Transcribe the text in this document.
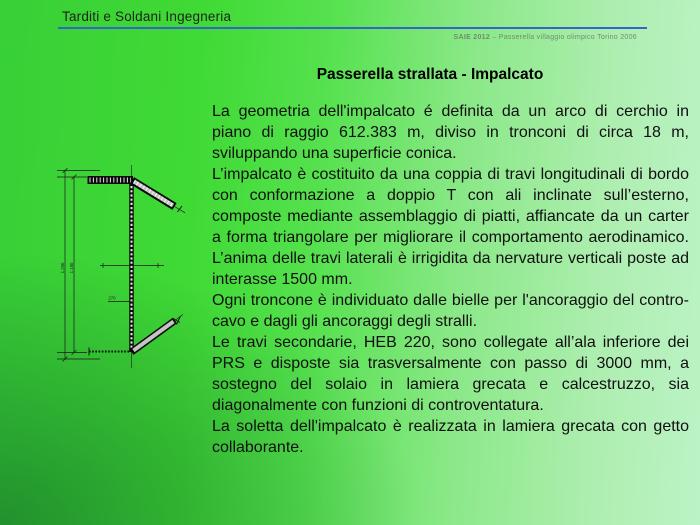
Tarditi e Soldani Ingegneria
SAIE 2012 – Passerella villaggio olimpico Torino 2006
Passerella strallata - Impalcato
1.250 1.180
270

La geometria dell'impalcato é definita da un arco di cerchio in piano di raggio 612.383 m, diviso in tronconi di circa 18 m, sviluppando una superficie conica.

L’impalcato è costituito da una coppia di travi longitudinali di bordo con conformazione a doppio T con ali inclinate sull’esterno, composte mediante assemblaggio di piatti, affiancate da un carter a forma triangolare per migliorare il comportamento aerodinamico. L’anima delle travi laterali è irrigidita da nervature verticali poste ad interasse 1500 mm.

Ogni troncone è individuato dalle bielle per l'ancoraggio del contro-cavo e dagli gli ancoraggi degli stralli.

Le travi secondarie, HEB 220, sono collegate all’ala inferiore dei PRS e disposte sia trasversalmente con passo di 3000 mm, a sostegno del solaio in lamiera grecata e calcestruzzo, sia diagonalmente con funzioni di controventatura.

La soletta dell'impalcato è realizzata in lamiera grecata con getto collaborante.
